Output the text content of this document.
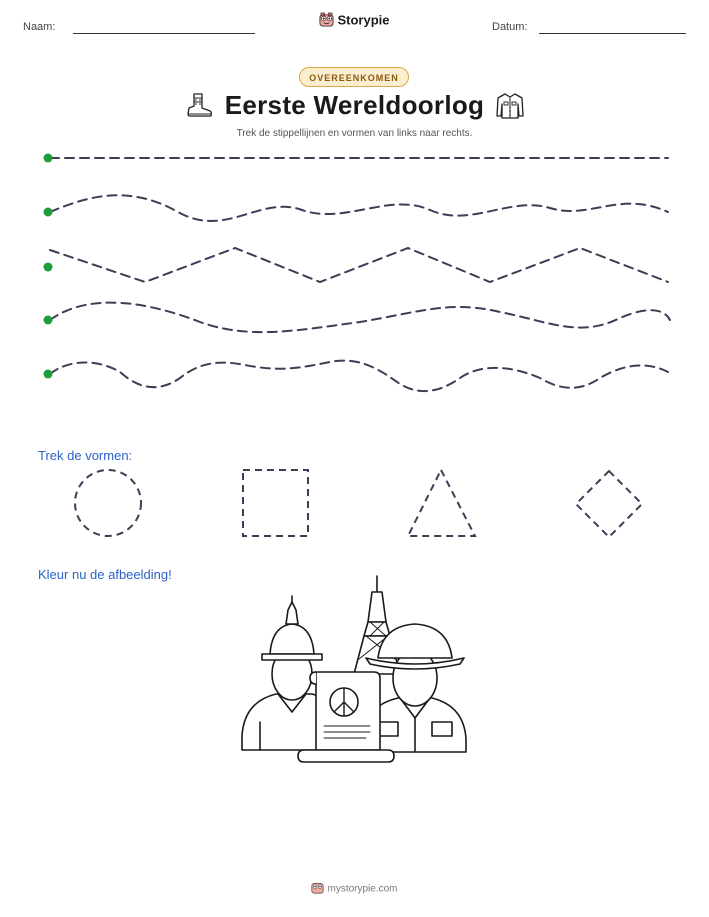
Naam:	Storypie	Datum:
OVEREENKOMEN
Eerste Wereldoorlog
Trek de stippellijnen en vormen van links naar rechts.
Trek de vormen:
Kleur nu de afbeelding!
mystorypie.com
